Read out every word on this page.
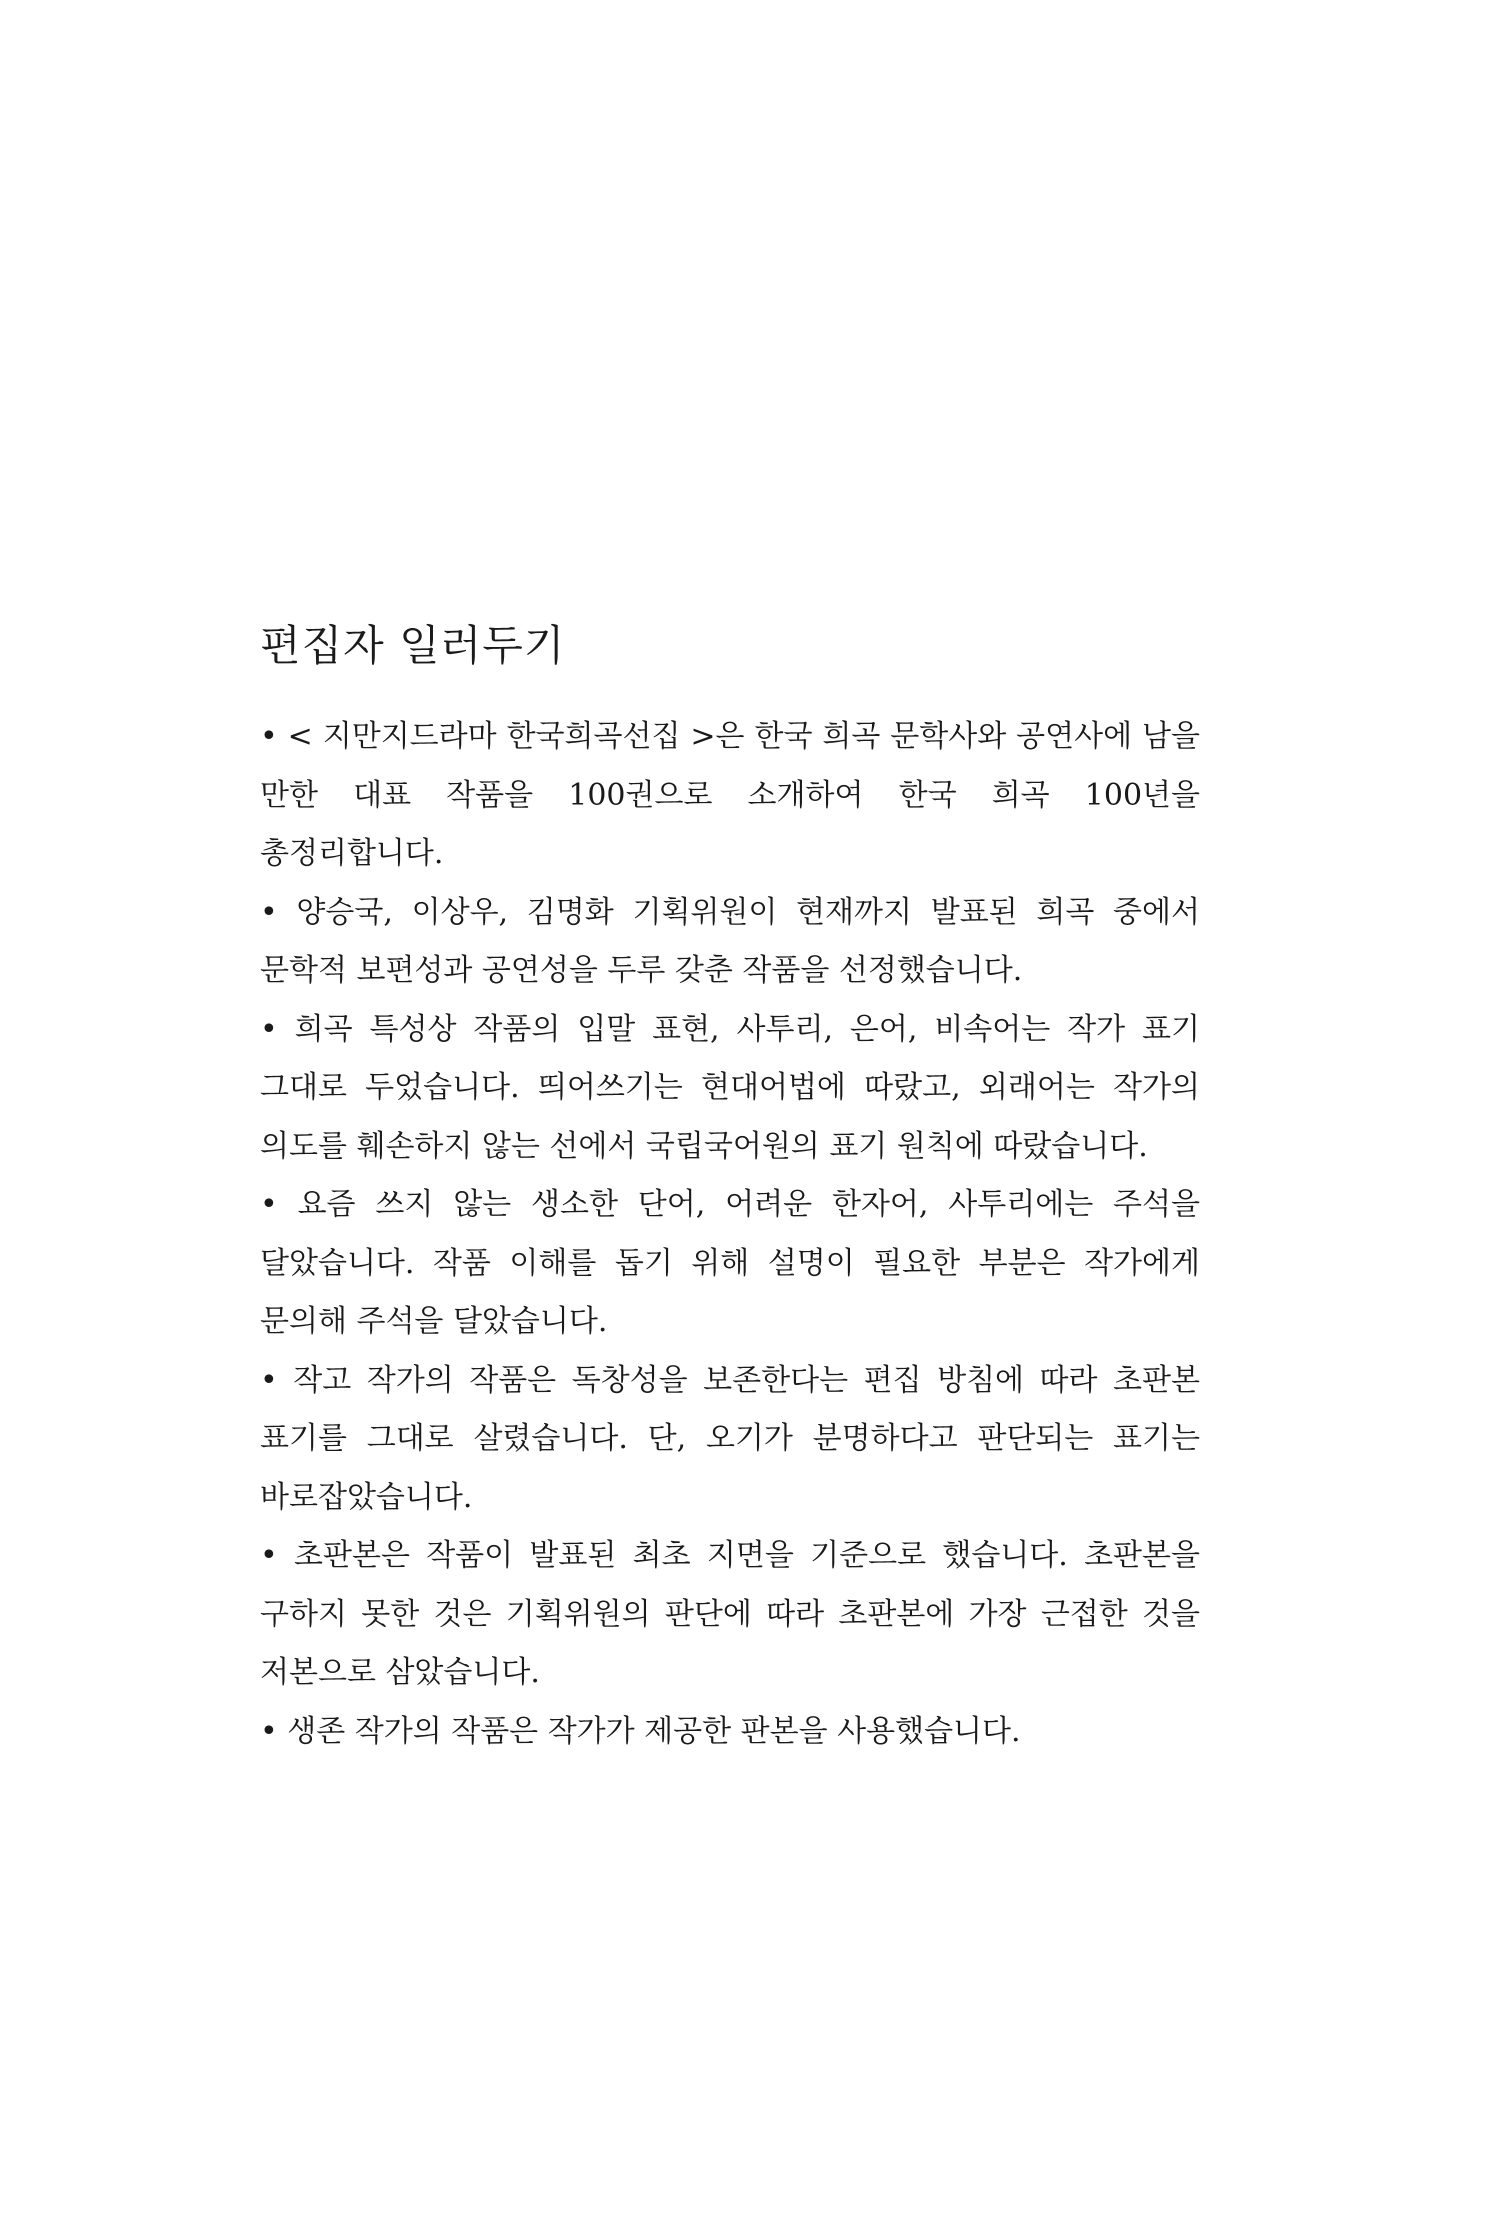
편집자 일러두기
• < 지만지드라마 한국희곡선집 >은 한국 희곡 문학사와 공연사에 남을 만한 대표 작품을 100권으로 소개하여 한국 희곡 100년을 총정리합니다.
• 양승국, 이상우, 김명화 기획위원이 현재까지 발표된 희곡 중에서 문학적 보편성과 공연성을 두루 갖춘 작품을 선정했습니다.
• 희곡 특성상 작품의 입말 표현, 사투리, 은어, 비속어는 작가 표기 그대로 두었습니다. 띄어쓰기는 현대어법에 따랐고, 외래어는 작가의 의도를 훼손하지 않는 선에서 국립국어원의 표기 원칙에 따랐습니다.
• 요즘 쓰지 않는 생소한 단어, 어려운 한자어, 사투리에는 주석을 달았습니다. 작품 이해를 돕기 위해 설명이 필요한 부분은 작가에게 문의해 주석을 달았습니다.
• 작고 작가의 작품은 독창성을 보존한다는 편집 방침에 따라 초판본 표기를 그대로 살렸습니다. 단, 오기가 분명하다고 판단되는 표기는 바로잡았습니다.
• 초판본은 작품이 발표된 최초 지면을 기준으로 했습니다. 초판본을 구하지 못한 것은 기획위원의 판단에 따라 초판본에 가장 근접한 것을 저본으로 삼았습니다.
• 생존 작가의 작품은 작가가 제공한 판본을 사용했습니다.
